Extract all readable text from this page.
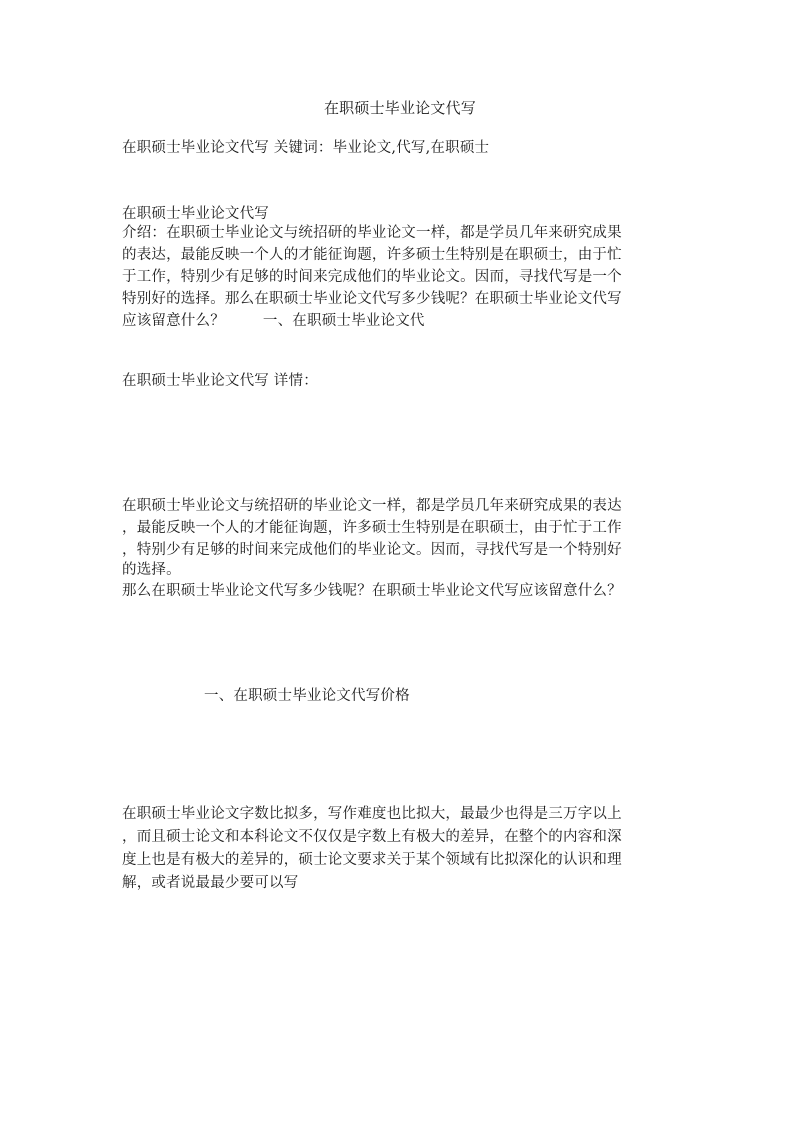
在职硕士毕业论文代写
在职硕士毕业论文代写 关键词：毕业论文,代写,在职硕士
在职硕士毕业论文代写
介绍：在职硕士毕业论文与统招研的毕业论文一样，都是学员几年来研究成果
的表达，最能反映一个人的才能征询题，许多硕士生特别是在职硕士，由于忙
于工作，特别少有足够的时间来完成他们的毕业论文。因而，寻找代写是一个
特别好的选择。那么在职硕士毕业论文代写多少钱呢？在职硕士毕业论文代写
应该留意什么？	一、在职硕士毕业论文代
在职硕士毕业论文代写 详情：
在职硕士毕业论文与统招研的毕业论文一样，都是学员几年来研究成果的表达
，最能反映一个人的才能征询题，许多硕士生特别是在职硕士，由于忙于工作
，特别少有足够的时间来完成他们的毕业论文。因而，寻找代写是一个特别好
的选择。
那么在职硕士毕业论文代写多少钱呢？在职硕士毕业论文代写应该留意什么？
一、在职硕士毕业论文代写价格
在职硕士毕业论文字数比拟多，写作难度也比拟大，最最少也得是三万字以上
，而且硕士论文和本科论文不仅仅是字数上有极大的差异，在整个的内容和深
度上也是有极大的差异的，硕士论文要求关于某个领域有比拟深化的认识和理
解，或者说最最少要可以写
